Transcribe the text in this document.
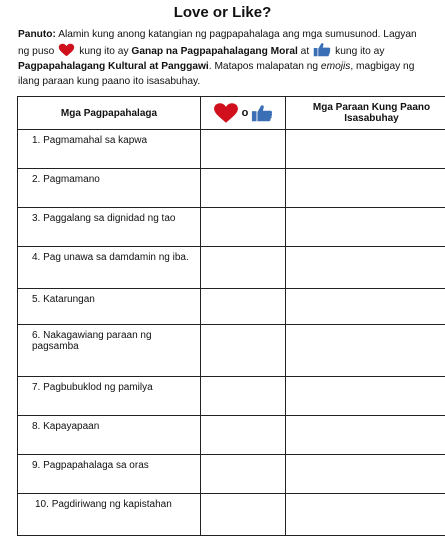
Love or Like?
Panuto: Alamin kung anong katangian ng pagpapahalaga ang mga sumusunod. Lagyan
ng puso kung ito ay Ganap na Pagpapahalagang Moral at	kung ito ay
Pagpapahalagang Kultural at Panggawi. Matapos malapatan ng emojis, magbigay ng
ilang paraan kung paano ito isasabuhay.
Mga Pagpapahalaga	o	Mga Paraan Kung Paano Isasabuhay

1. Pagmamahal sa kapwa		

2. Pagmamano		

3. Paggalang sa dignidad ng tao		

4. Pag unawa sa damdamin ng iba.		

5. Katarungan		

6. Nakagawiang paraan ng pagsamba		

7. Pagbubuklod ng pamilya		

8. Kapayapaan		

9. Pagpapahalaga sa oras		

10. Pagdiriwang ng kapistahan		
